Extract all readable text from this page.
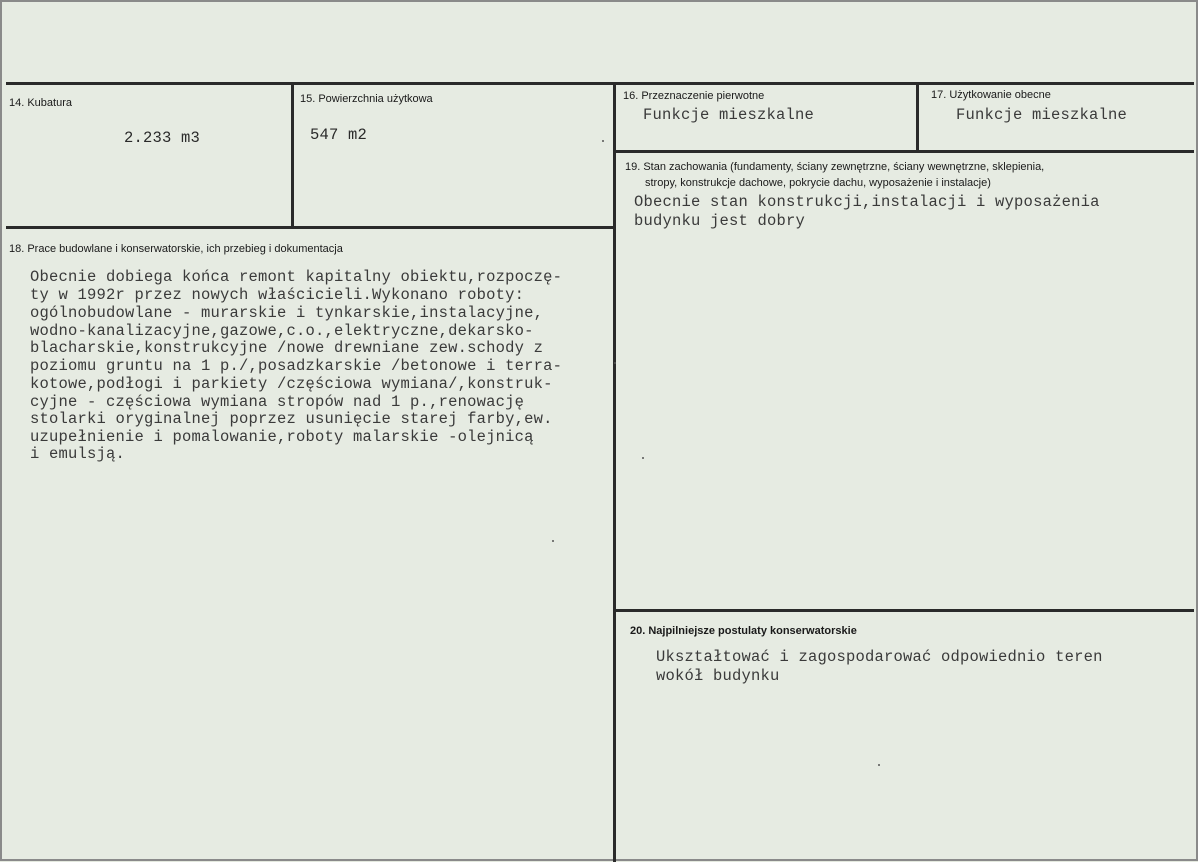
14. Kubatura
2.233 m3
15. Powierzchnia użytkowa
547 m2
16. Przeznaczenie pierwotne
Funkcje mieszkalne
17. Użytkowanie obecne
Funkcje mieszkalne
19. Stan zachowania (fundamenty, ściany zewnętrzne, ściany wewnętrzne, sklepienia,
stropy, konstrukcje dachowe, pokrycie dachu, wyposażenie i instalacje)
Obecnie stan konstrukcji,instalacji i wyposażenia
budynku jest dobry
18. Prace budowlane i konserwatorskie, ich przebieg i dokumentacja
Obecnie dobiega końca remont kapitalny obiektu,rozpoczę-
ty w 1992r przez nowych właścicieli.Wykonano roboty:
ogólnobudowlane - murarskie i tynkarskie,instalacyjne,
wodno-kanalizacyjne,gazowe,c.o.,elektryczne,dekarsko-
blacharskie,konstrukcyjne /nowe drewniane zew.schody z
poziomu gruntu na 1 p./,posadzkarskie /betonowe i terra-
kotowe,podłogi i parkiety /częściowa wymiana/,konstruk-
cyjne - częściowa wymiana stropów nad 1 p.,renowację
stolarki oryginalnej poprzez usunięcie starej farby,ew.
uzupełnienie i pomalowanie,roboty malarskie -olejnicą
i emulsją.
20. Najpilniejsze postulaty konserwatorskie
Ukształtować i zagospodarować odpowiednio teren
wokół budynku
